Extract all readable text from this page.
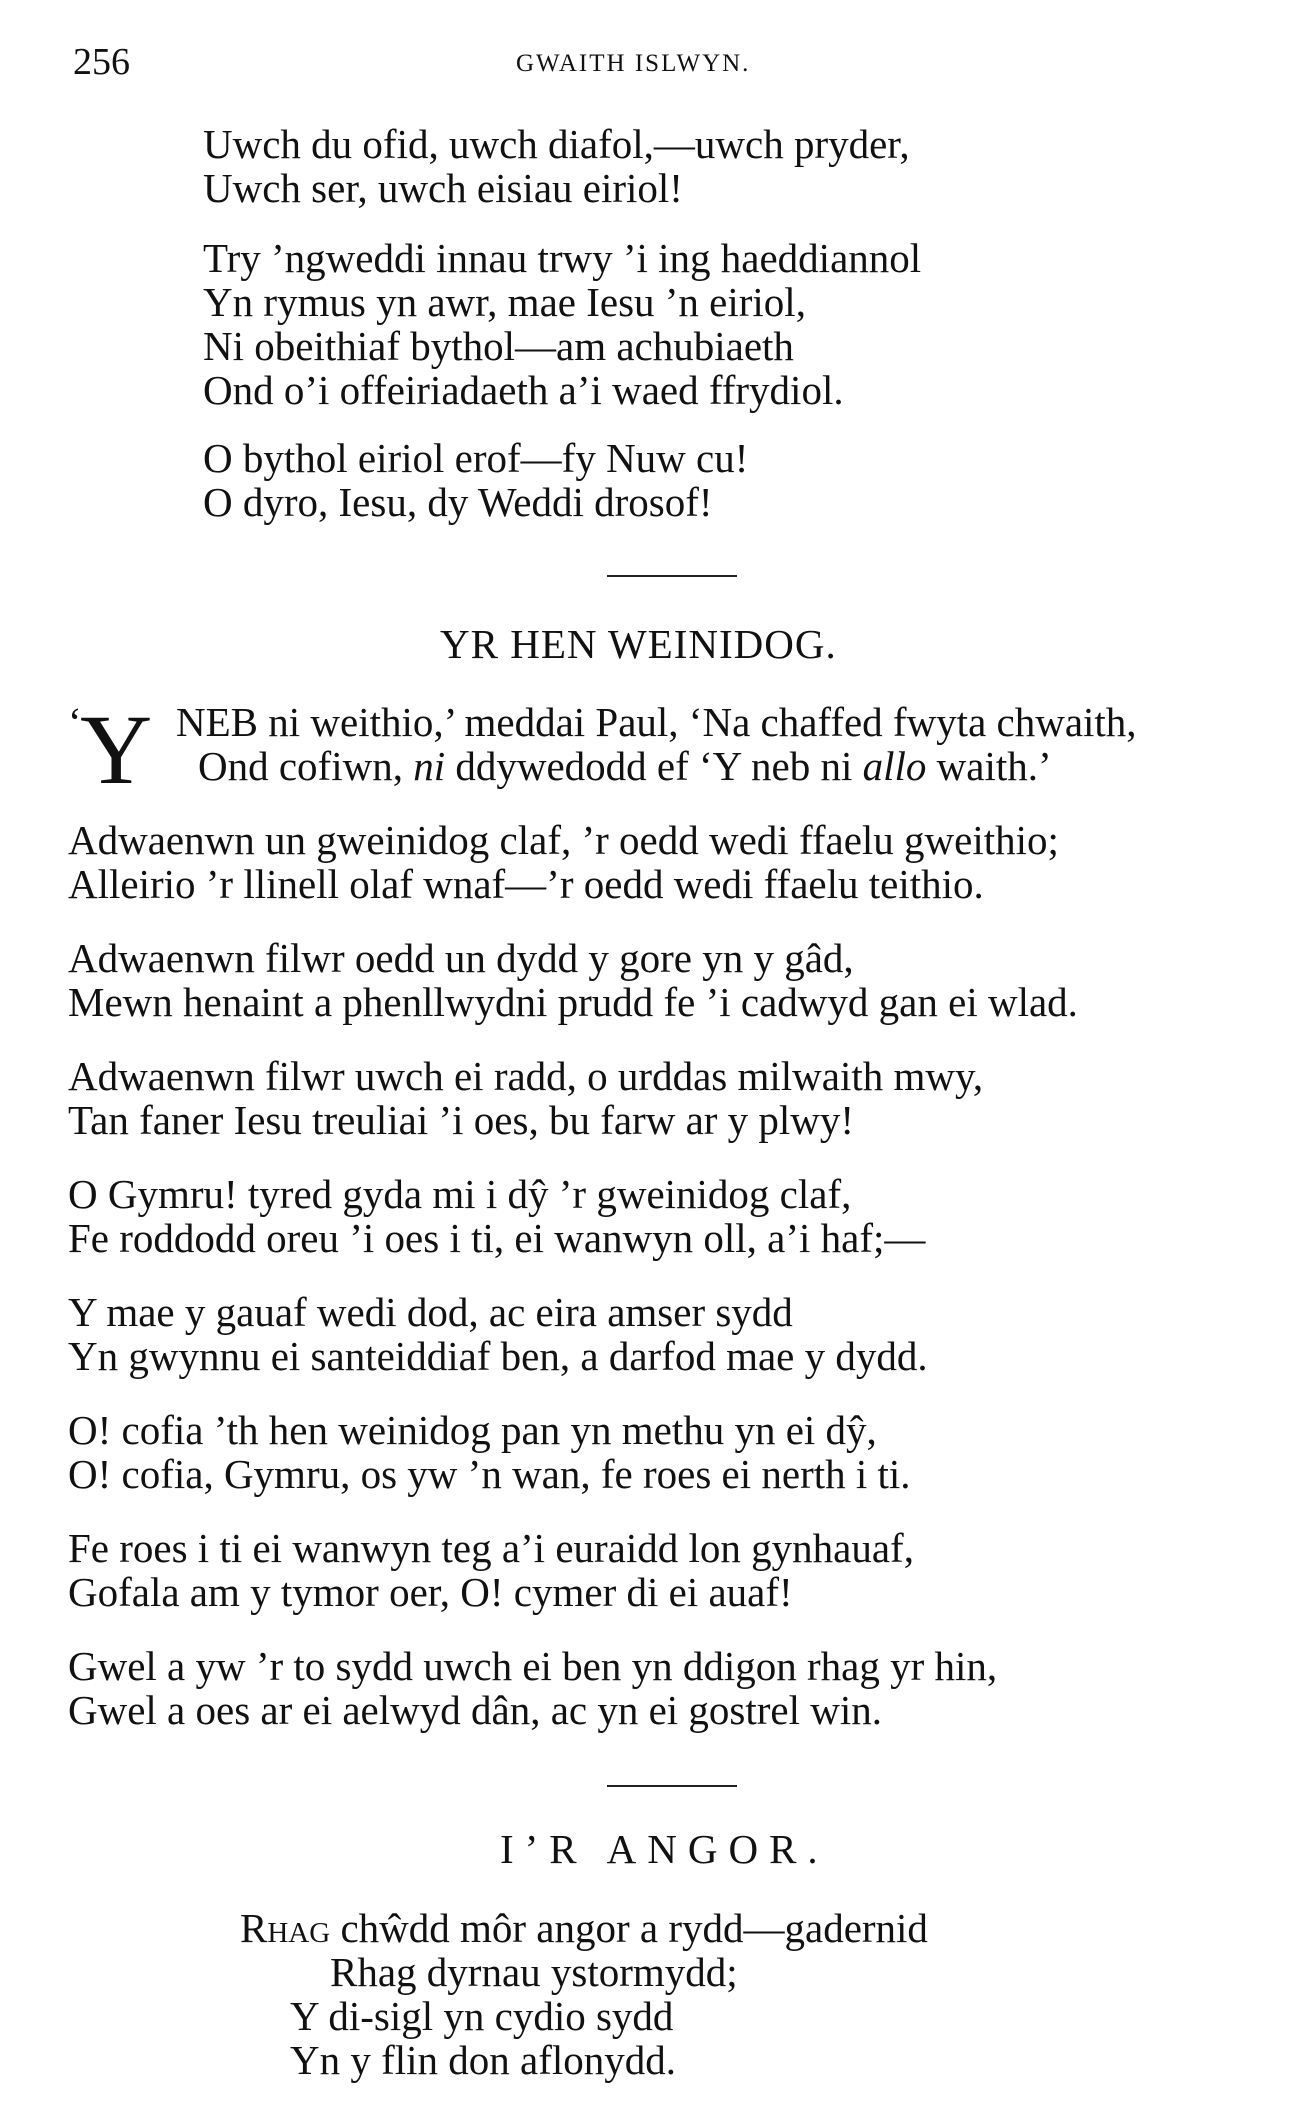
256	GWAITH ISLWYN.
Uwch du ofid, uwch diafol,—uwch pryder,
Uwch ser, uwch eisiau eiriol!
Try ’ngweddi innau trwy ’i ing haeddiannol
Yn rymus yn awr, mae Iesu ’n eiriol,
Ni obeithiaf bythol—am achubiaeth
Ond o’i offeiriadaeth a’i waed ffrydiol.
O bythol eiriol erof—fy Nuw cu!
O dyro, Iesu, dy Weddi drosof!
YR HEN WEINIDOG.
‘
Y NEB ni weithio,’ meddai Paul, ‘Na chaffed fwyta chwaith,
Ond cofiwn, ni ddywedodd ef ‘Y neb ni allo waith.’
Adwaenwn un gweinidog claf, ’r oedd wedi ffaelu gweithio;
Alleirio ’r llinell olaf wnaf—’r oedd wedi ffaelu teithio.
Adwaenwn filwr oedd un dydd y gore yn y gâd,
Mewn henaint a phenllwydni prudd fe ’i cadwyd gan ei wlad.
Adwaenwn filwr uwch ei radd, o urddas milwaith mwy,
Tan faner Iesu treuliai ’i oes, bu farw ar y plwy!
O Gymru! tyred gyda mi i dŷ ’r gweinidog claf,
Fe roddodd oreu ’i oes i ti, ei wanwyn oll, a’i haf;—
Y mae y gauaf wedi dod, ac eira amser sydd
Yn gwynnu ei santeiddiaf ben, a darfod mae y dydd.
O! cofia ’th hen weinidog pan yn methu yn ei dŷ,
O! cofia, Gymru, os yw ’n wan, fe roes ei nerth i ti.
Fe roes i ti ei wanwyn teg a’i euraidd lon gynhauaf,
Gofala am y tymor oer, O! cymer di ei auaf!
Gwel a yw ’r to sydd uwch ei ben yn ddigon rhag yr hin,
Gwel a oes ar ei aelwyd dân, ac yn ei gostrel win.
I’R ANGOR.
Rhag chŵdd môr angor a rydd—gadernid
Rhag dyrnau ystormydd;
Y di-sigl yn cydio sydd
Yn y flin don aflonydd.
